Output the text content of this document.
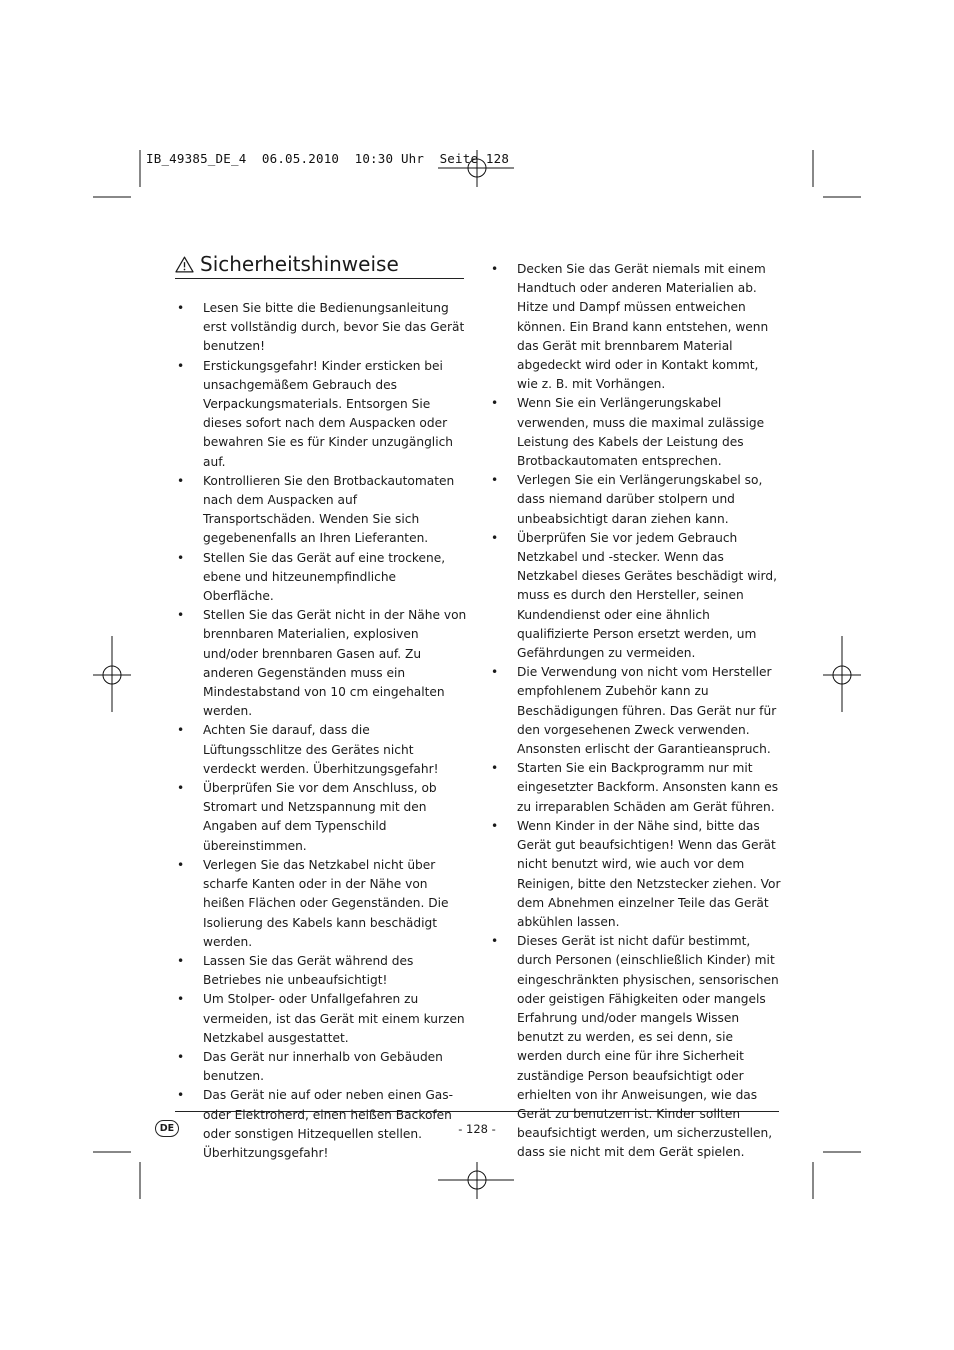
IB_49385_DE_4  06.05.2010  10:30 Uhr  Seite 128
Sicherheitshinweise
• Lesen Sie bitte die Bedienungsanleitung erst vollständig durch, bevor Sie das Gerät benutzen!
• Erstickungsgefahr! Kinder ersticken bei unsachgemäßem Gebrauch des Verpackungsmaterials. Entsorgen Sie dieses sofort nach dem Auspacken oder bewahren Sie es für Kinder unzugänglich auf.
• Kontrollieren Sie den Brotbackautomaten nach dem Auspacken auf Transportschäden. Wenden Sie sich gegebenenfalls an Ihren Lieferanten.
• Stellen Sie das Gerät auf eine trockene, ebene und hitzeunempfindliche Oberfläche.
• Stellen Sie das Gerät nicht in der Nähe von brennbaren Materialien, explosiven und/oder brennbaren Gasen auf. Zu anderen Gegenständen muss ein Mindestabstand von 10 cm eingehalten werden.
• Achten Sie darauf, dass die Lüftungsschlitze des Gerätes nicht verdeckt werden. Überhitzungsgefahr!
• Überprüfen Sie vor dem Anschluss, ob Stromart und Netzspannung mit den Angaben auf dem Typenschild übereinstimmen.
• Verlegen Sie das Netzkabel nicht über scharfe Kanten oder in der Nähe von heißen Flächen oder Gegenständen. Die Isolierung des Kabels kann beschädigt werden.
• Lassen Sie das Gerät während des Betriebes nie unbeaufsichtigt!
• Um Stolper- oder Unfallgefahren zu vermeiden, ist das Gerät mit einem kurzen Netzkabel ausgestattet.
• Das Gerät nur innerhalb von Gebäuden benutzen.
• Das Gerät nie auf oder neben einen Gas- oder Elektroherd, einen heißen Backofen oder sonstigen Hitzequellen stellen. Überhitzungsgefahr!
• Decken Sie das Gerät niemals mit einem Handtuch oder anderen Materialien ab. Hitze und Dampf müssen entweichen können. Ein Brand kann entstehen, wenn das Gerät mit brennbarem Material abgedeckt wird oder in Kontakt kommt, wie z. B. mit Vorhängen.
• Wenn Sie ein Verlängerungskabel verwenden, muss die maximal zulässige Leistung des Kabels der Leistung des Brotbackautomaten entsprechen.
• Verlegen Sie ein Verlängerungskabel so, dass niemand darüber stolpern und unbeabsichtigt daran ziehen kann.
• Überprüfen Sie vor jedem Gebrauch Netzkabel und -stecker. Wenn das Netzkabel dieses Gerätes beschädigt wird, muss es durch den Hersteller, seinen Kundendienst oder eine ähnlich qualifizierte Person ersetzt werden, um Gefährdungen zu vermeiden.
• Die Verwendung von nicht vom Hersteller empfohlenem Zubehör kann zu Beschädigungen führen. Das Gerät nur für den vorgesehenen Zweck verwenden. Ansonsten erlischt der Garantieanspruch.
• Starten Sie ein Backprogramm nur mit eingesetzter Backform. Ansonsten kann es zu irreparablen Schäden am Gerät führen.
• Wenn Kinder in der Nähe sind, bitte das Gerät gut beaufsichtigen! Wenn das Gerät nicht benutzt wird, wie auch vor dem Reinigen, bitte den Netzstecker ziehen. Vor dem Abnehmen einzelner Teile das Gerät abkühlen lassen.
• Dieses Gerät ist nicht dafür bestimmt, durch Personen (einschließlich Kinder) mit eingeschränkten physischen, sensorischen oder geistigen Fähigkeiten oder mangels Erfahrung und/oder mangels Wissen benutzt zu werden, es sei denn, sie werden durch eine für ihre Sicherheit zuständige Person beaufsichtigt oder erhielten von ihr Anweisungen, wie das Gerät zu benutzen ist. Kinder sollten beaufsichtigt werden, um sicherzustellen, dass sie nicht mit dem Gerät spielen.
DE	- 128 -
